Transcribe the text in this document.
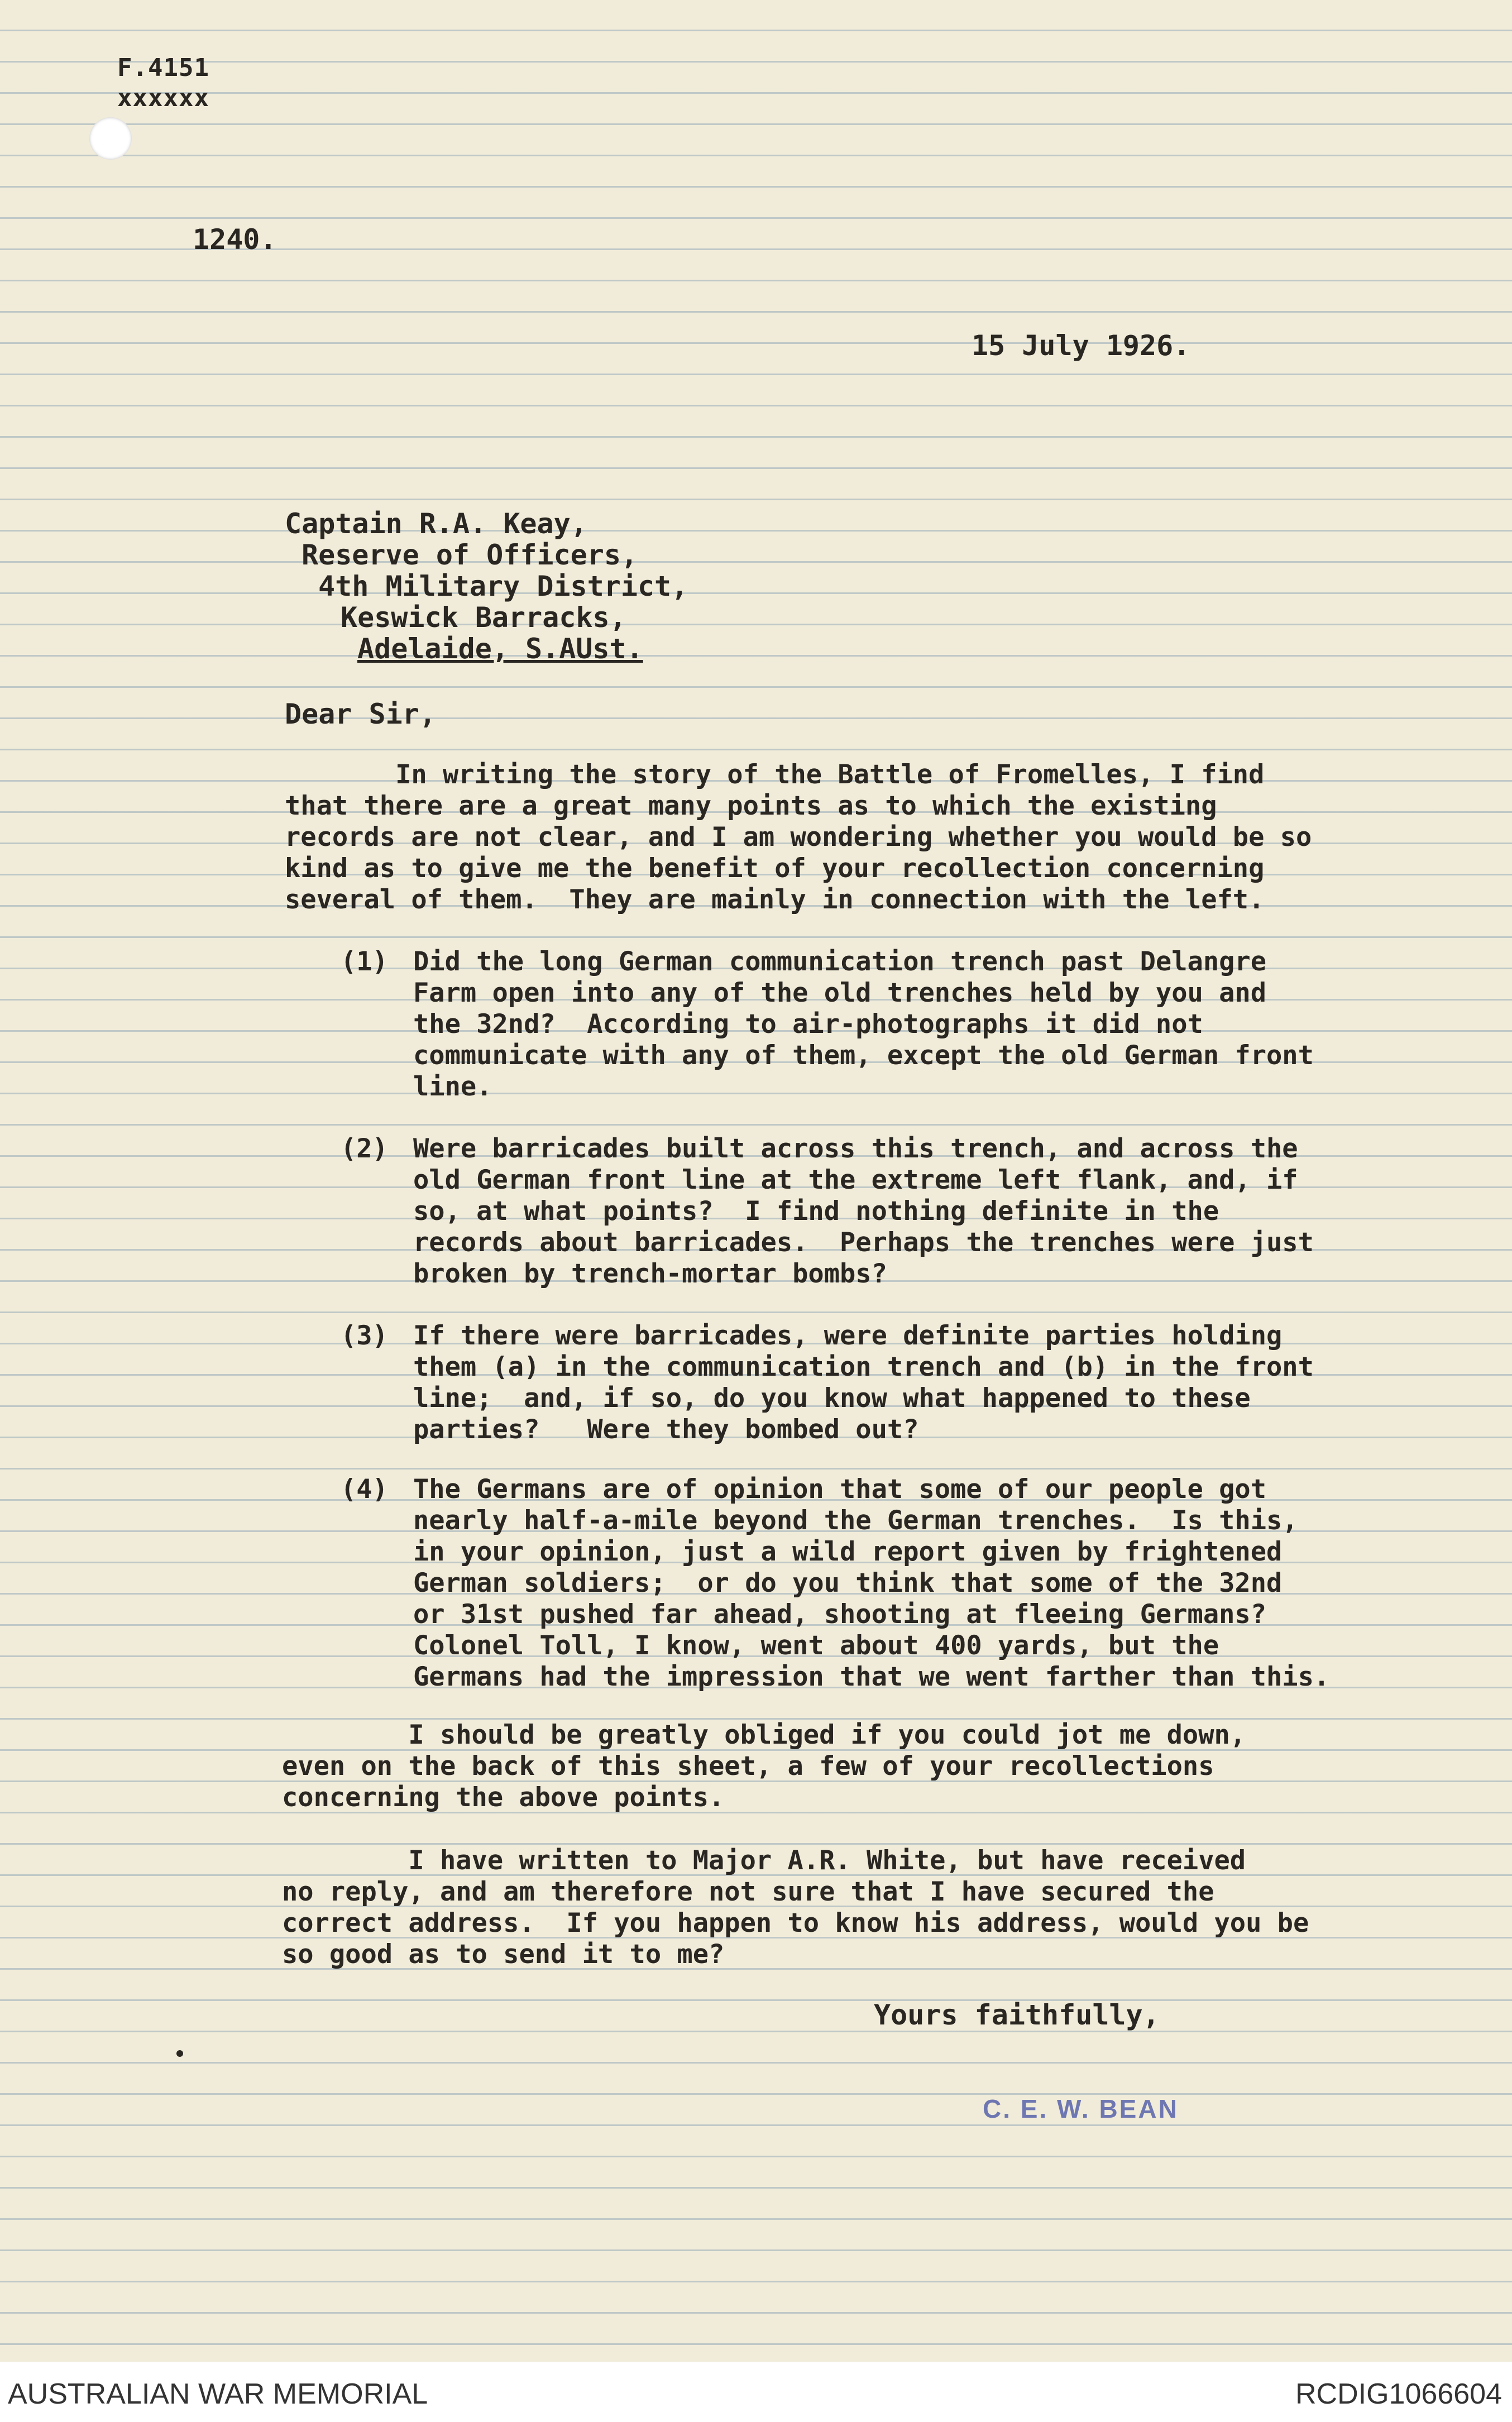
F.4151
xxxxxx
1240.
15 July 1926.
Captain R.A. Keay,
Reserve of Officers,
4th Military District,
Keswick Barracks,
Adelaide, S.AUst.
Dear Sir,
In writing the story of the Battle of Fromelles, I find
that there are a great many points as to which the existing
records are not clear, and I am wondering whether you would be so
kind as to give me the benefit of your recollection concerning
several of them.  They are mainly in connection with the left.
(1) Did the long German communication trench past Delangre
Farm open into any of the old trenches held by you and
the 32nd?  According to air-photographs it did not
communicate with any of them, except the old German front
line.
(2) Were barricades built across this trench, and across the
old German front line at the extreme left flank, and, if
so, at what points?  I find nothing definite in the
records about barricades.  Perhaps the trenches were just
broken by trench-mortar bombs?
(3) If there were barricades, were definite parties holding
them (a) in the communication trench and (b) in the front
line;  and, if so, do you know what happened to these
parties?   Were they bombed out?
(4) The Germans are of opinion that some of our people got
nearly half-a-mile beyond the German trenches.  Is this,
in your opinion, just a wild report given by frightened
German soldiers;  or do you think that some of the 32nd
or 31st pushed far ahead, shooting at fleeing Germans?
Colonel Toll, I know, went about 400 yards, but the
Germans had the impression that we went farther than this.
I should be greatly obliged if you could jot me down,
even on the back of this sheet, a few of your recollections
concerning the above points.
I have written to Major A.R. White, but have received
no reply, and am therefore not sure that I have secured the
correct address.  If you happen to know his address, would you be
so good as to send it to me?
Yours faithfully,
C. E. W. BEAN
AUSTRALIAN WAR MEMORIAL	RCDIG1066604
